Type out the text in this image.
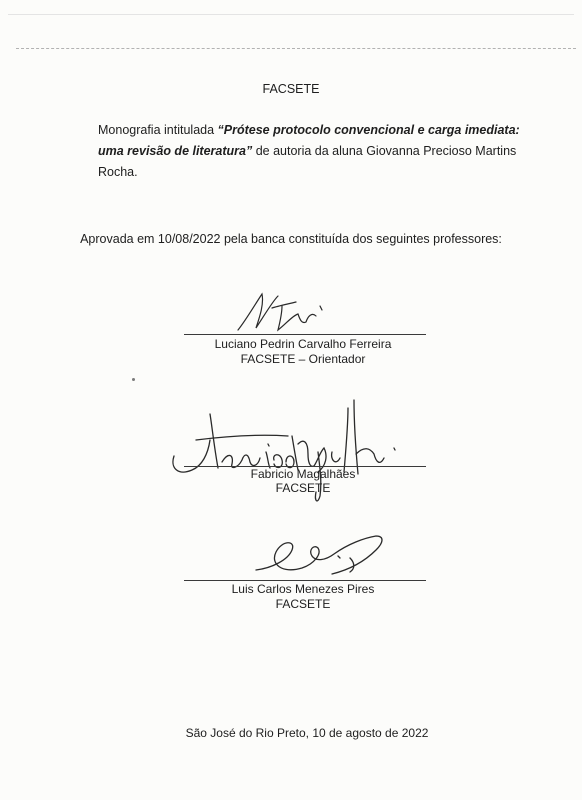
FACSETE
Monografia intitulada “Prótese protocolo convencional e carga imediata: uma revisão de literatura” de autoria da aluna Giovanna Precioso Martins Rocha.
Aprovada em 10/08/2022 pela banca constituída dos seguintes professores:
Luciano Pedrin Carvalho Ferreira
FACSETE – Orientador
Fabricio Magalhães
FACSETE
Luis Carlos Menezes Pires
FACSETE
São José do Rio Preto, 10 de agosto de 2022
